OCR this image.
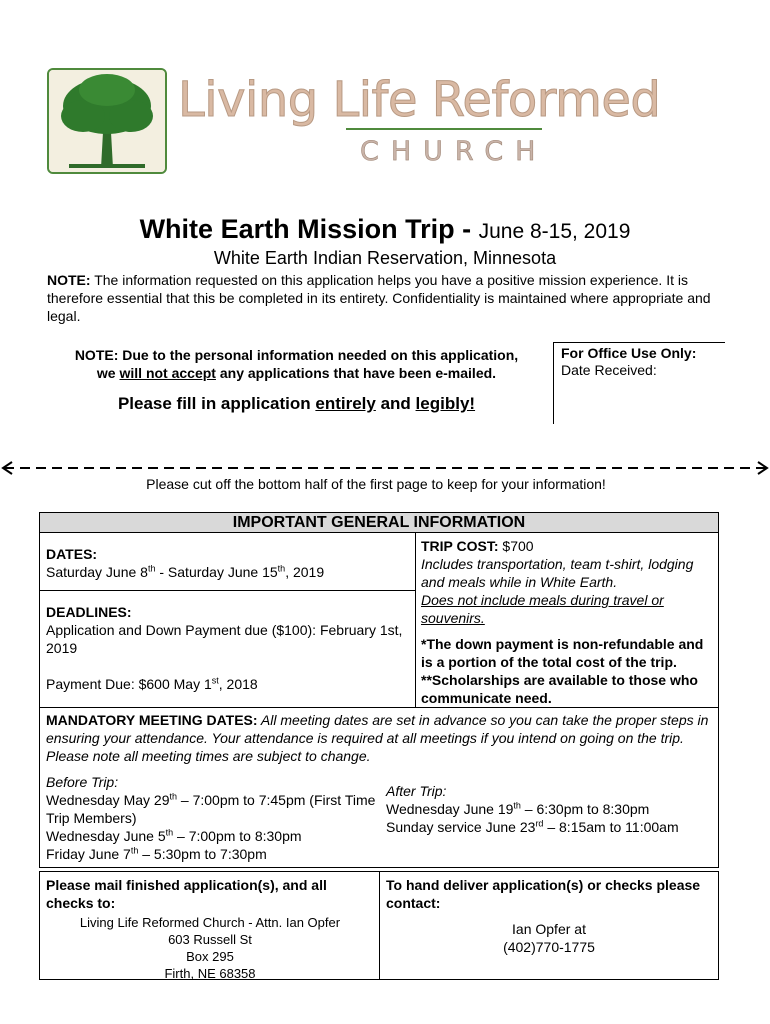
Living Life Reformed
CHURCH
White Earth Mission Trip - June 8-15, 2019
White Earth Indian Reservation, Minnesota
NOTE: The information requested on this application helps you have a positive mission experience. It is therefore essential that this be completed in its entirety. Confidentiality is maintained where appropriate and legal.
NOTE: Due to the personal information needed on this application,
we will not accept any applications that have been e-mailed.
Please fill in application entirely and legibly!
For Office Use Only:
Date Received:
Please cut off the bottom half of the first page to keep for your information!
IMPORTANT GENERAL INFORMATION
DATES:
Saturday June 8th - Saturday June 15th, 2019
DEADLINES:
Application and Down Payment due ($100): February 1st, 2019
Payment Due: $600 May 1st, 2018
TRIP COST: $700
Includes transportation, team t-shirt, lodging and meals while in White Earth.
Does not include meals during travel or souvenirs.
*The down payment is non-refundable and is a portion of the total cost of the trip. **Scholarships are available to those who communicate need.
MANDATORY MEETING DATES: All meeting dates are set in advance so you can take the proper steps in ensuring your attendance. Your attendance is required at all meetings if you intend on going on the trip. Please note all meeting times are subject to change.
Before Trip:
Wednesday May 29th – 7:00pm to 7:45pm (First Time Trip Members)
Wednesday June 5th – 7:00pm to 8:30pm
Friday June 7th – 5:30pm to 7:30pm
After Trip:
Wednesday June 19th – 6:30pm to 8:30pm
Sunday service June 23rd – 8:15am to 11:00am
Please mail finished application(s), and all checks to:
Living Life Reformed Church - Attn. Ian Opfer
603 Russell St
Box 295
Firth, NE 68358
To hand deliver application(s) or checks please contact:
Ian Opfer at
(402)770-1775
